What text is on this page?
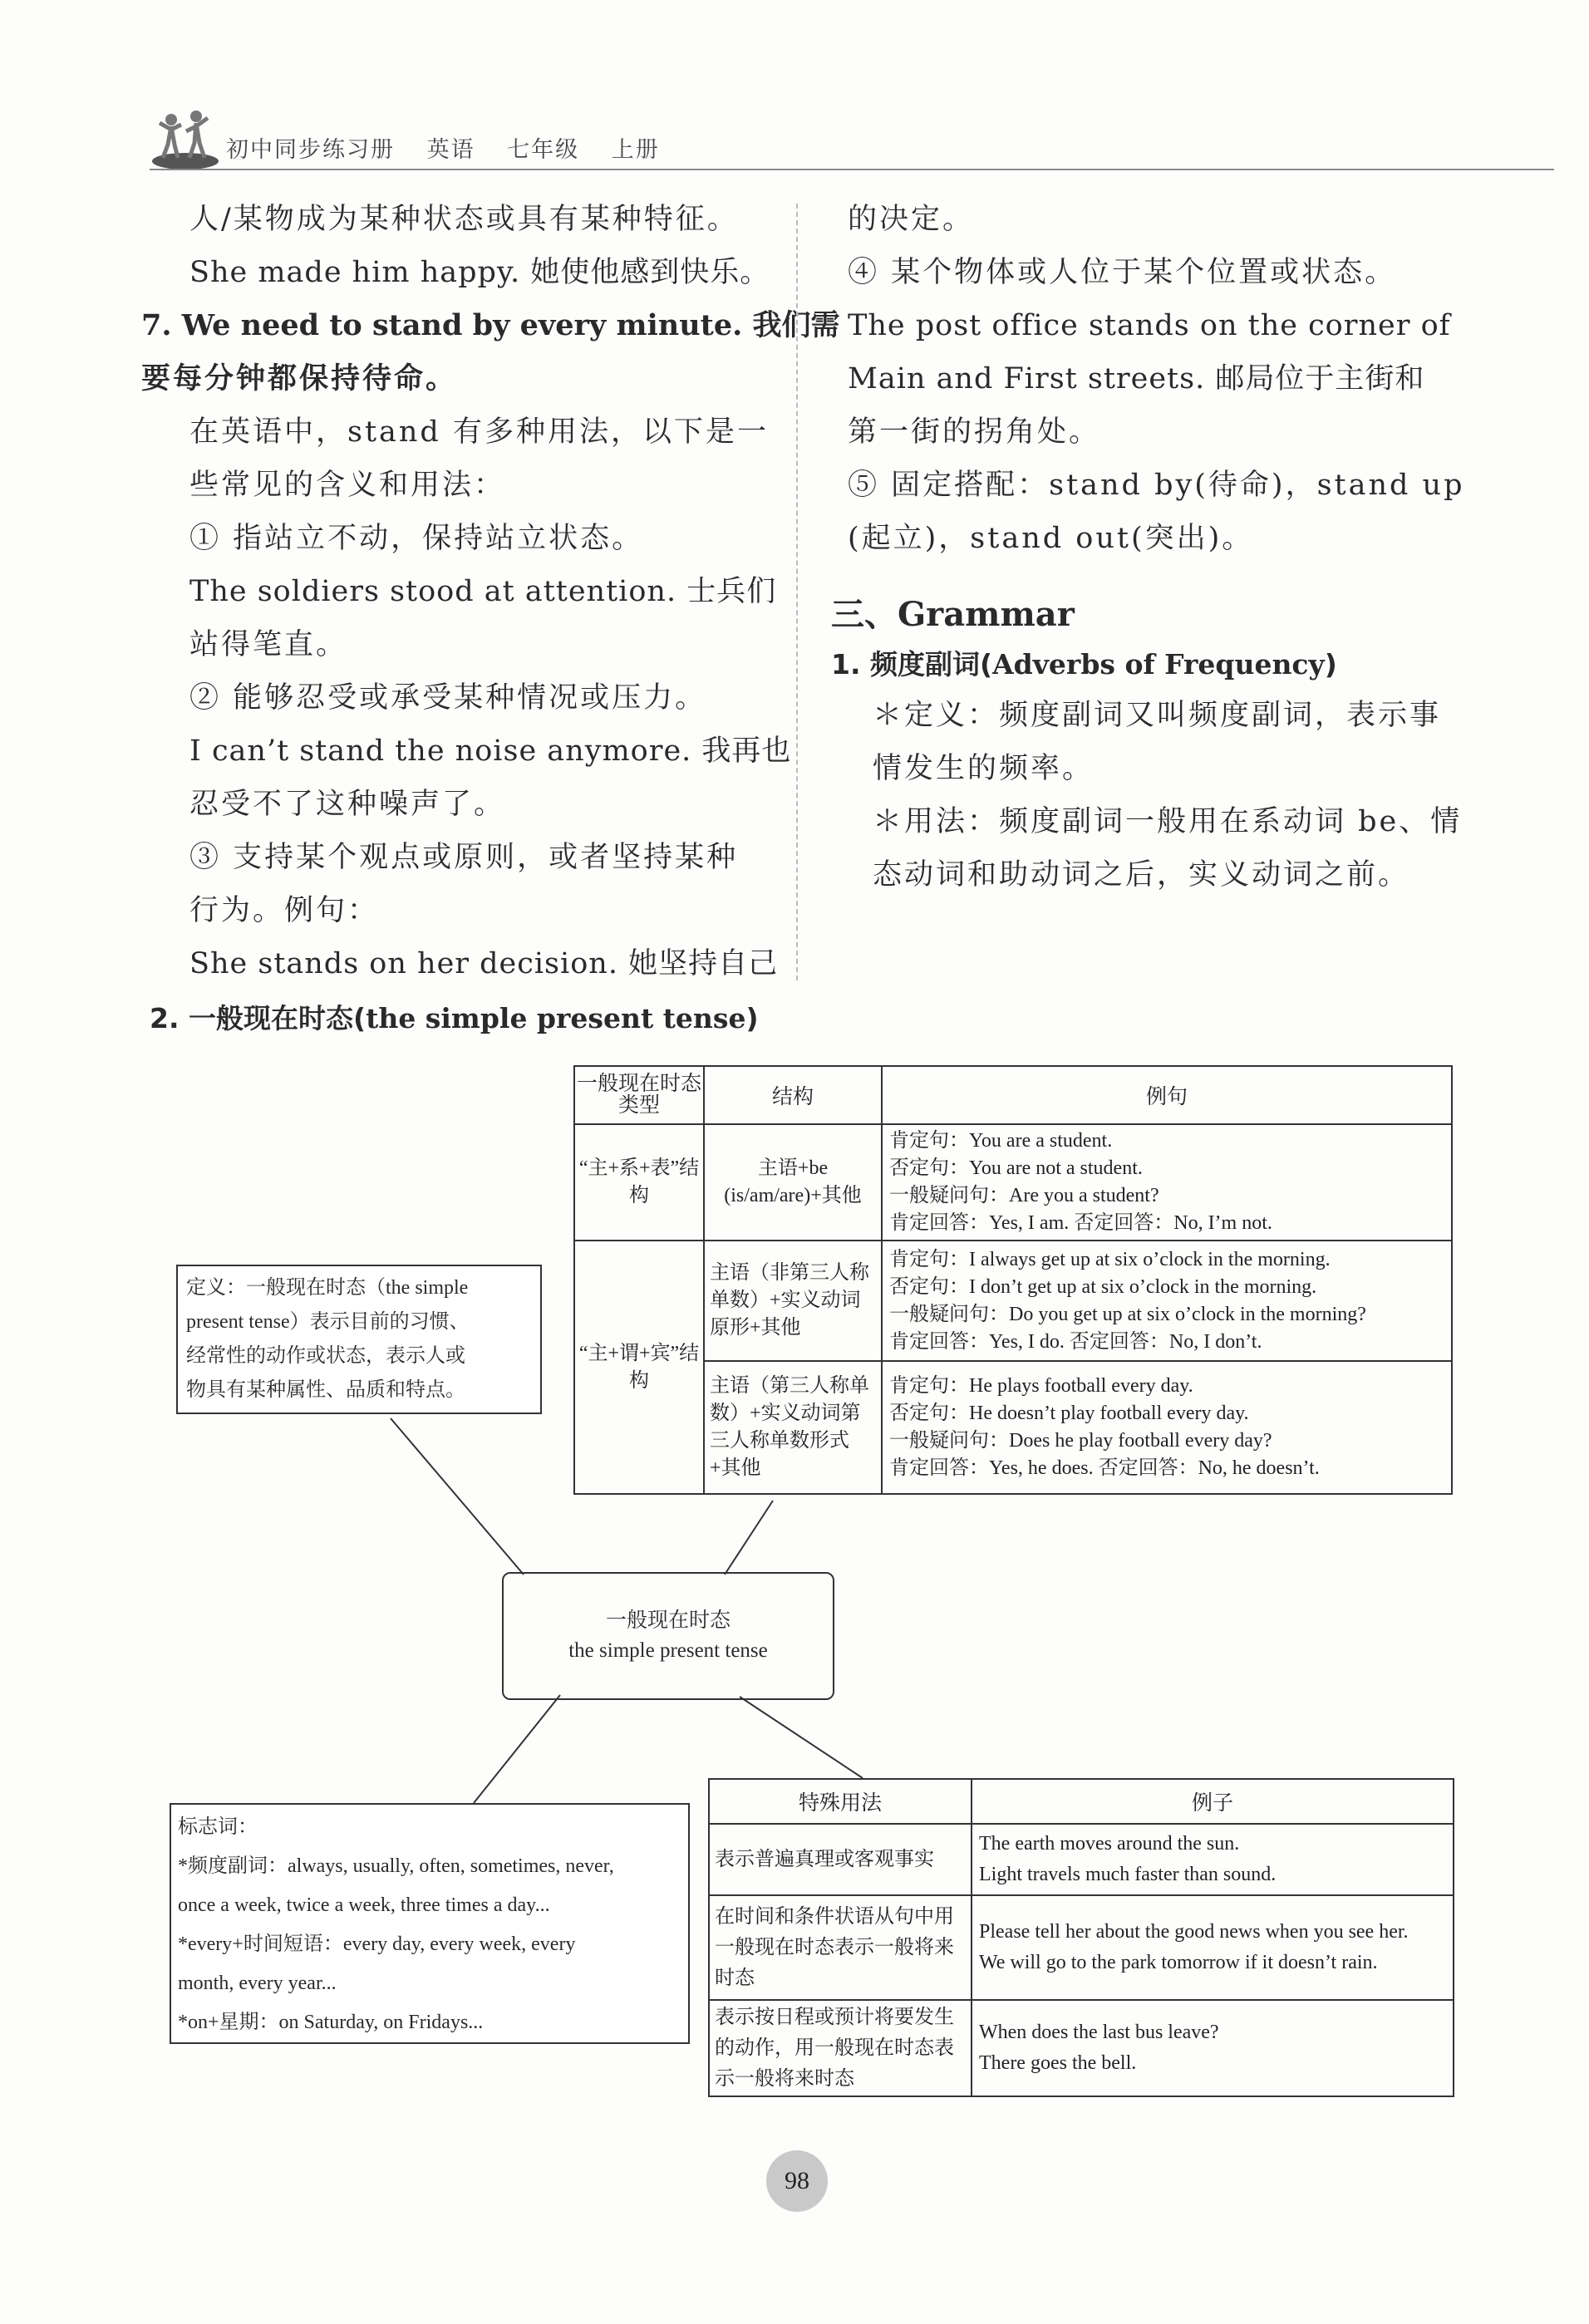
初中同步练习册 英语 七年级 上册
人/某物成为某种状态或具有某种特征。
She made him happy. 她使他感到快乐。
7. We need to stand by every minute. 我们需
要每分钟都保持待命。
在英语中，stand 有多种用法，以下是一
些常见的含义和用法：
① 指站立不动，保持站立状态。
The soldiers stood at attention. 士兵们
站得笔直。
② 能够忍受或承受某种情况或压力。
I can’t stand the noise anymore. 我再也
忍受不了这种噪声了。
③ 支持某个观点或原则，或者坚持某种
行为。例句：
She stands on her decision. 她坚持自己
的决定。
④ 某个物体或人位于某个位置或状态。
The post office stands on the corner of
Main and First streets. 邮局位于主街和
第一街的拐角处。
⑤ 固定搭配：stand by(待命)，stand up
(起立)，stand out(突出)。
三、Grammar
1. 频度副词(Adverbs of Frequency)
＊定义：频度副词又叫频度副词，表示事
情发生的频率。
＊用法：频度副词一般用在系动词 be、情
态动词和助动词之后，实义动词之前。
2. 一般现在时态(the simple present tense)
一般现在时态类型	结构	例句
“主+系+表”结构	主语+be (is/am/are)+其他	肯定句：You are a student.
否定句：You are not a student.
一般疑问句：Are you a student?
肯定回答：Yes, I am. 否定回答：No, I’m not.

“主+谓+宾”结构	主语（非第三人称单数）+实义动词原形+其他	肯定句：I always get up at six o’clock in the morning.
否定句：I don’t get up at six o’clock in the morning.
一般疑问句：Do you get up at six o’clock in the morning?
肯定回答：Yes, I do. 否定回答：No, I don’t.

	主语（第三人称单数）+实义动词第三人称单数形式+其他	肯定句：He plays football every day.
否定句：He doesn’t play football every day.
一般疑问句：Does he play football every day?
肯定回答：Yes, he does. 否定回答：No, he doesn’t.
定义：一般现在时态（the simple
present tense）表示目前的习惯、
经常性的动作或状态，表示人或
物具有某种属性、品质和特点。
一般现在时态
the simple present tense
标志词：
*频度副词：always, usually, often, sometimes, never,
once a week, twice a week, three times a day...
*every+时间短语：every day, every week, every
month, every year...
*on+星期：on Saturday, on Fridays...
特殊用法	例子
表示普遍真理或客观事实	The earth moves around the sun.
Light travels much faster than sound.

在时间和条件状语从句中用一般现在时态表示一般将来时态	Please tell her about the good news when you see her.
We will go to the park tomorrow if it doesn’t rain.

表示按日程或预计将要发生的动作，用一般现在时态表示一般将来时态	When does the last bus leave?
There goes the bell.
98
